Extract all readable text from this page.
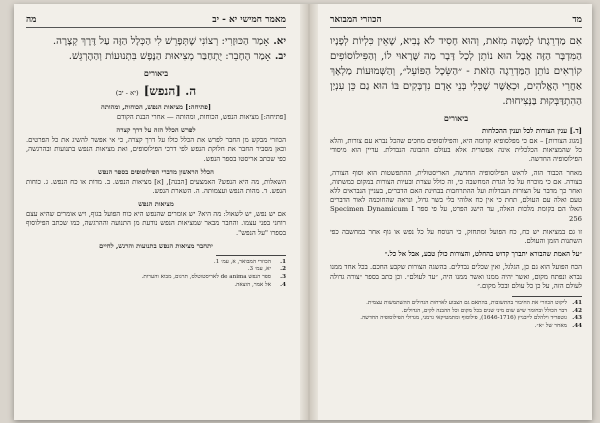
מאמר חמישי יא - יב
מה
יא.
אָמַר הַכּוּזָרִי: רְצוֹנִי שֶׁתְּפָרֵשׁ לִי הַכְּלָל הַזֶּה עַל דֶּרֶךְ קְצָרָה.
יב.
אָמַר הֶחָבֵר: יֻתְחַבַּר מְצִיאוּת הַנֶּפֶשׁ בִּתְנוּעוֹת וְהַהֶרְגֵּשׁ.
ביאורים
ה. [הנפש] (יא - יב)
[פתיחה:] מציאות הנפש, הכוחות, ומהותה
[פתיחה:] מציאות הנפש, הכוחות, ומהותה — אחרי הבנת הקודם
לפרש הכלל הזה על דרך קצרה
הכוזרי מבקש מן החבר לפרש את הכלל כולו על דרך קצרה, כי אי אפשר להשיג את כל הפרטים. וכאן מסביר החבר את חלוקת הנפש לפי דרכי הפילוסופים, ואת מציאות הנפש בתנועות ובהרגשה, כפי שכתב אריסטו בספר הנפש.
הכלל הראשון מדברי הפילוסופים בספר הנפש
השאלות, מה היא הנפש? האמצעים [הבנה], [א] מציאות הנפש. ב. מדות או כח הנפש. ג. כוחות הנפש. ד. מהות הנפש ועצמותה. ה. השארת הנפש.
מציאות הנפש
אם יש נפש, יש לשאול: מה היא? יש אומרים שהנפש היא כוח הפועל בגוף, ויש אומרים שהיא עצם רוחני בפני עצמו. והחבר מבאר שמציאות הנפש נודעת מן התנועה וההרגשה, כמו שכתב הפילוסוף בספרו "על הנפש".
יתחבר מציאות הנפש בתנועות והרגש, לחיים
1.
הכוזרי המבואר, א, עמ׳ 1.
2.
יא, עמ׳ 3.
3.
ספר הנפש de anima לאריסטוטלס, תרגום, מבוא והערות.
4.
אל אמר, הוצאה.
מד
הכוזרי המבואר

אִם מַדְרֵגָתוֹ לְמַטָּה מִזֹּאת, וְהוּא חָסִיד לֹא נָבִיא, שֶׁאֵין כִּלְיוֹת לְפָנָיו הַמִּדְבָּר הַזֶּה אֲבָל הוּא נוֹתֵן לְכָל דָּבָר מַה שֶּׁרָאוּי לוֹ, וְהַפִּילוֹסוֹפִים קוֹרְאִים נוֹתֵן הַמַּדְרֵגָה הַזֹּאת - ״הַשֵּׂכֶל הַפּוֹעֵל״, וְהַשְּׁמוּעוֹת מַלְאָךְ אַחֲרֵי הָאֱלֹהִים, וּכְאַשֶּׁר שֶׁכְּלִי בְּנֵי אָדָם נִדְבָּקִים בּוֹ הוּא גַם כֵּן עִנְיַן הַהִתְדַּבְּקוּת בַּנְּצִיחוּת.

ביאורים
[ד.] ענין הצורות לכל וענין ההכלחות
[מגוג הצורות] – אם כי מפלסופיא קדומה היא, והפילוסופים מחכים שהכל נברא עם צורות, והלא כל שהמציאות הכלכלית אינה אפשרית אלא בעולם התבונה הנבדלת. עדיין הוא מיסודי הפילוסופיה החדשה.
מאחר הכבוד הזה, לראש הפילוסופיה החדשה, האריסטולית, ההתפשטות הוא וסוף הצורה, בצורה. אם כי מוכרח על כל הגדת המחשבה כי, זה כולל עצרת ובעיות הצורות במקום כמשתוה, ואחר כך מדבר על הצורות הנבדלות ועל ההתרחבות בבחינת האם הדברים, בעניין הנבראים ללא טעם ואלה עם העולם, תחת כי אין כח אלוהי בלי בשר גדול, ונראה שהחוכמה לאור הדברים האלו הם בקומת מלכות האלה, עד הישג הפרט, על פי ספר Specimen Dynamicum I 256
זו גם במציאות יש כח, כח הפועל ומתחזק, כי הנוסח על כל נפש או גוף אחר במחשבה כפי השתנות הזמן והעולם.
״על האמת שהבורא יתברך קדוש בהחלט, והצורות כולן טבע, אבל אל כל.״
הכח הפועל הוא גם כן, הגלגל, ואין שכלים נבדלים. בהשגה הצורות שקבע החכם. בכל אחד ממנו נברא ונפתח מקום, ואשר יהיה ממנו ואשר ממנו היה, ״עד לעולם״. וכן כתב בספר ״צורה גדולה לעולם הזה, על כן כל עולם ובכל מקום.״
41.
ליקוט הכוזרי את החיבור בהתשובות, בהתאם גם הצבוע לארחות הגדולים ההשתמשות עצמית.
42.
דבר הכולל ובחומר שיש שום מיני שנים בכל מקום וכל ההבנה לקים, הגדולים.
43.
גוטפריד וילהלם לייבניץ (1646-1716), פילוסוף ומתמטיקאי גרמני, מגדולי הפילוסופיה החדשה.
44.
מאחר של ״א״.
